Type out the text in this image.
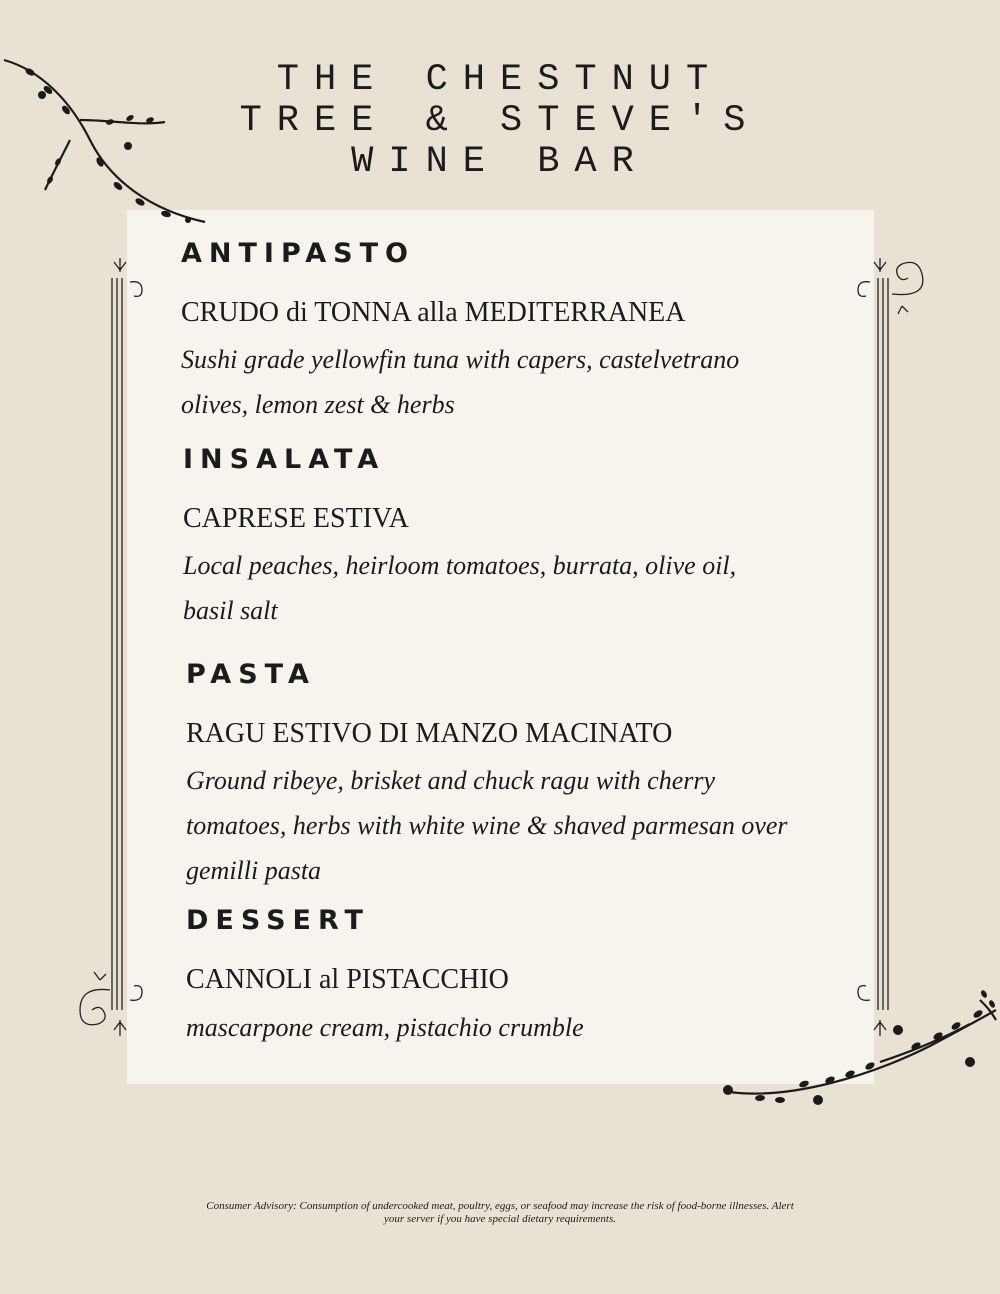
THE CHESTNUT
TREE & STEVE'S
WINE BAR
ANTIPASTO

CRUDO di TONNA alla MEDITERRANEA

Sushi grade yellowfin tuna with capers, castelvetrano
olives, lemon zest & herbs
INSALATA

CAPRESE ESTIVA

Local peaches, heirloom tomatoes, burrata, olive oil,
basil salt
PASTA

RAGU ESTIVO DI MANZO MACINATO

Ground ribeye, brisket and chuck ragu with cherry
tomatoes, herbs with white wine & shaved parmesan over
gemilli pasta
DESSERT

CANNOLI al PISTACCHIO

mascarpone cream, pistachio crumble
Consumer Advisory: Consumption of undercooked meat, poultry, eggs, or seafood may increase the risk of food-borne illnesses. Alert
your server if you have special dietary requirements.
